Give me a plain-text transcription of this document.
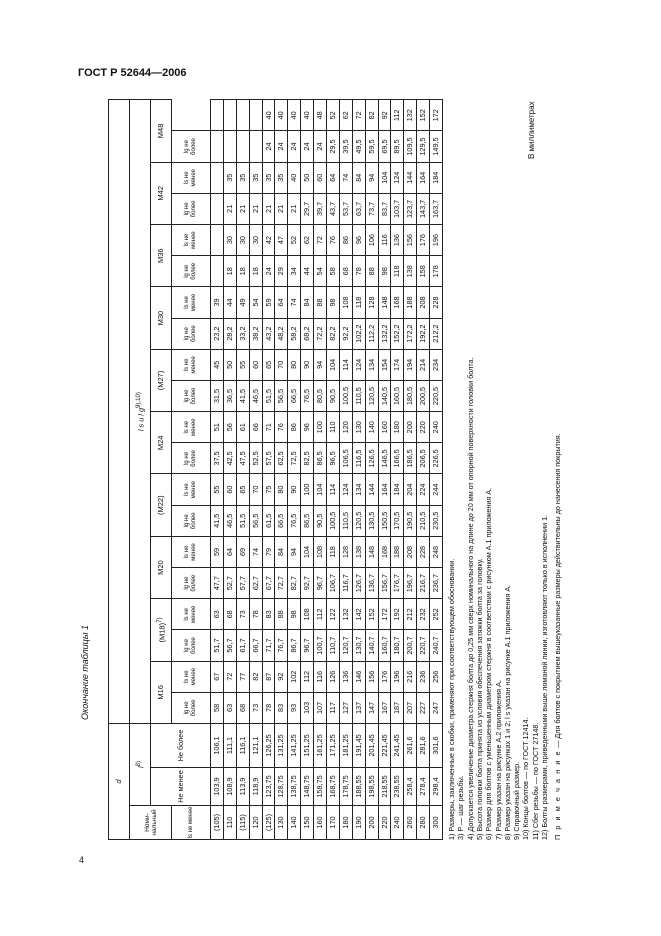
ГОСТ Р 52644—2006
Окончание таблицы 1
В миллиметрах
d																						
Номи-нальный	$l^{8)}$		l s и l $g^{9),10)}$
	Не менее	Не более	M16		$(M18)^{7)}$		M20		(M22)		M24		(M27)		M30		M36		M42		M48	
ls не менее			lg не более	ls не менее	lg не более	ls не менее	lg не более	ls не менее	lg не более	ls не менее	lg не более	ls не менее	lg не более	ls не менее	lg не более	ls не менее	lg не более	ls не менее	lg не более	ls не менее	lg не более	
(105)	103,9	106,1	58	67	51,7	63	47,7	59	41,5	55	37,5	51	31,5	45	23,2	39						
110	108,9	111,1	63	72	56,7	68	52,7	64	46,5	60	42,5	56	36,5	50	28,2	44	18	30	21	35		
(115)	113,9	116,1	68	77	61,7	73	57,7	69	51,5	65	47,5	61	41,5	55	33,2	49	18	30	21	35		
120	118,9	121,1	73	82	66,7	78	62,7	74	56,5	70	52,5	66	46,5	60	38,2	54	18	30	21	35		
(125)	123,75	126,25	78	87	71,7	83	67,7	79	61,5	75	57,5	71	51,5	65	43,2	59	24	42	21	35	24	40
130	128,75	131,25	83	92	76,7	88	72,7	84	66,5	80	62,5	76	56,5	70	48,2	64	29	47	21	35	24	40
140	138,75	141,25	93	102	86,7	98	82,7	94	76,5	90	72,5	86	66,5	80	58,2	74	34	52	21	40	24	40
150	148,75	151,25	103	112	96,7	108	92,7	104	86,5	100	82,5	96	76,5	90	68,2	84	44	62	29,7	50	24	40
160	158,75	161,25	107	116	100,7	112	96,7	108	90,5	104	86,5	100	80,5	94	72,2	88	54	72	39,7	60	24	48
170	168,75	171,25	117	126	110,7	122	106,7	118	100,5	114	96,5	110	90,5	104	82,2	98	58	76	43,7	64	29,5	52
180	178,75	181,25	127	136	120,7	132	116,7	128	110,5	124	106,5	120	100,5	114	92,2	108	68	86	53,7	74	39,5	62
190	188,55	191,45	137	146	130,7	142	126,7	138	120,5	134	116,5	130	110,5	124	102,2	118	78	96	63,7	84	49,5	72
200	198,55	201,45	147	156	140,7	152	136,7	148	130,5	144	126,5	140	120,5	134	112,2	128	88	106	73,7	94	59,5	82
220	218,55	221,45	167	176	160,7	172	156,7	168	150,5	164	146,5	160	140,5	154	132,2	148	98	116	83,7	104	69,5	92
240	238,55	241,45	187	196	180,7	192	176,7	188	170,5	184	166,5	180	160,5	174	152,2	168	118	136	103,7	124	89,5	112
260	258,4	261,6	207	216	200,7	212	196,7	208	190,5	204	186,5	200	180,5	194	172,2	188	138	156	123,7	144	109,5	132
280	278,4	281,6	227	236	220,7	232	216,7	228	210,5	224	206,5	220	200,5	214	192,2	208	158	176	143,7	164	129,5	152
300	298,4	301,6	247	256	240,7	252	236,7	248	230,5	244	226,5	240	220,5	234	212,2	228	178	196	163,7	184	149,5	172
1) Размеры, заключенные в скобки, применяют при соответствующем обосновании. 3) P — шаг резьбы. 4) Допускается увеличение диаметра стержня болта до 0,25 мм сверх номинального на длине до 20 мм от опорной поверхности головки болта. 5) Высота головки болта принята из условия обеспечения затяжки болта за головку. 6) Размер для болтов с уменьшенным диаметром стержня в соответствии с рисунком А.1 приложения А. 7) Размер указан на рисунке А.2 приложения А. 8) Размер указан на рисунках 1 и 2; l s указан на рисунке А.1 приложения А. 9) Справочный размер. 10) Концы болтов — по ГОСТ 12414. 11) Сбег резьбы — по ГОСТ 27148. 12) Болты размерами, приведенными выше ломаной линии, изготовляют только в исполнении 1. П р и м е ч а н и е — Для болтов с покрытием вышеуказанные размеры действительны до нанесения покрытия.
4
